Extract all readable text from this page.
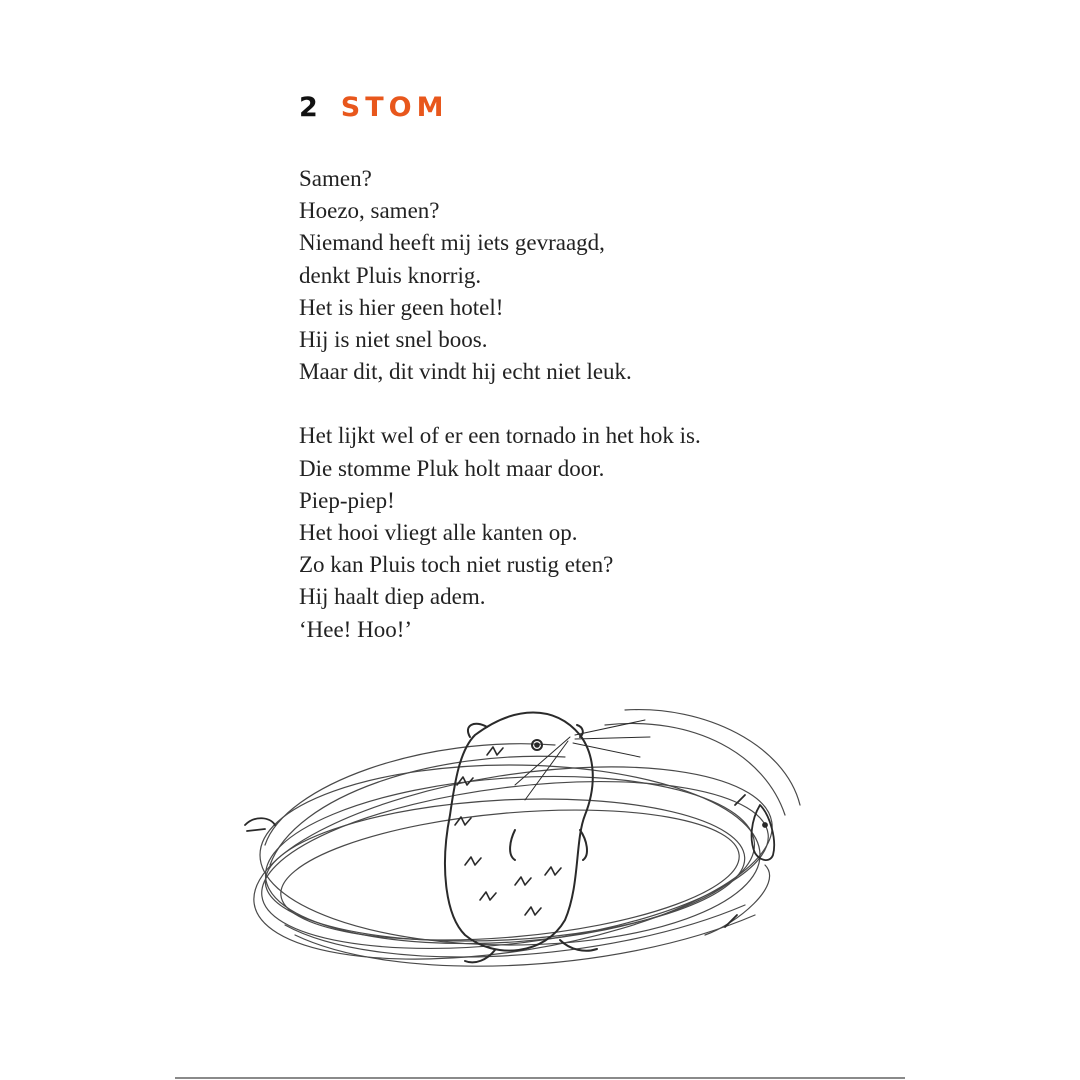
2 STOM

Samen?
Hoezo, samen?
Niemand heeft mij iets gevraagd,
denkt Pluis knorrig.
Het is hier geen hotel!
Hij is niet snel boos.
Maar dit, dit vindt hij echt niet leuk.

Het lijkt wel of er een tornado in het hok is.
Die stomme Pluk holt maar door.
Piep-piep!
Het hooi vliegt alle kanten op.
Zo kan Pluis toch niet rustig eten?
Hij haalt diep adem.
‘Hee! Hoo!’
